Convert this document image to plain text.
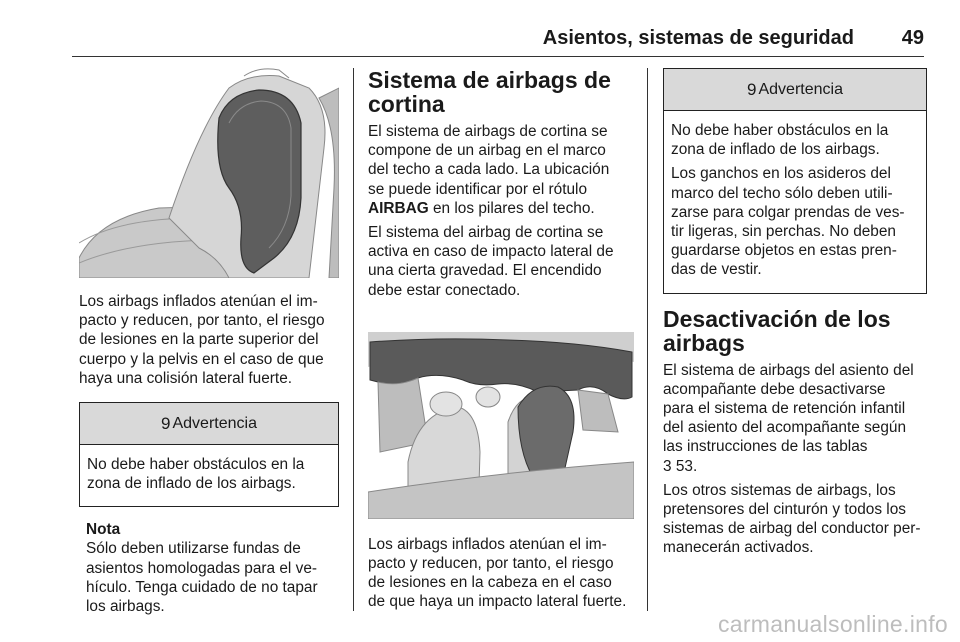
Asientos, sistemas de seguridad 49

Los airbags inflados atenúan el im-
pacto y reducen, por tanto, el riesgo
de lesiones en la parte superior del
cuerpo y la pelvis en el caso de que
haya una colisión lateral fuerte.

9 Advertencia

No debe haber obstáculos en la
zona de inflado de los airbags.

Nota

Sólo deben utilizarse fundas de
asientos homologadas para el ve-
hículo. Tenga cuidado de no tapar
los airbags.

Sistema de airbags de
cortina

El sistema de airbags de cortina se
compone de un airbag en el marco
del techo a cada lado. La ubicación
se puede identificar por el rótulo
AIRBAG en los pilares del techo.

El sistema del airbag de cortina se
activa en caso de impacto lateral de
una cierta gravedad. El encendido
debe estar conectado.

Los airbags inflados atenúan el im-
pacto y reducen, por tanto, el riesgo
de lesiones en la cabeza en el caso
de que haya un impacto lateral fuerte.

9 Advertencia

No debe haber obstáculos en la
zona de inflado de los airbags.

Los ganchos en los asideros del
marco del techo sólo deben utili-
zarse para colgar prendas de ves-
tir ligeras, sin perchas. No deben
guardarse objetos en estas pren-
das de vestir.

Desactivación de los
airbags

El sistema de airbags del asiento del
acompañante debe desactivarse
para el sistema de retención infantil
del asiento del acompañante según
las instrucciones de las tablas
3 53.

Los otros sistemas de airbags, los
pretensores del cinturón y todos los
sistemas de airbag del conductor per-
manecerán activados.

carmanualsonline.info
